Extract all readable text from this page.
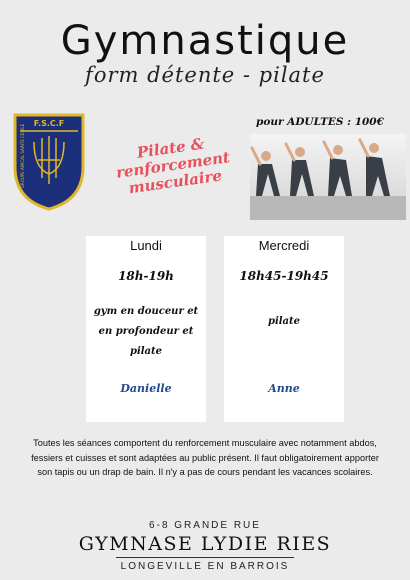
Gymnastique
form détente - pilate
F.S.C.F
GROUPE AMICAL SAINTE CECILE	Pilate & renforcement musculaire
pour ADULTES : 100€
Lundi
18h-19h
gym en douceur et en profondeur et pilate
Danielle
Mercredi
18h45-19h45
pilate
Anne

Toutes les séances comportent du renforcement musculaire avec notamment abdos, fessiers et cuisses et sont adaptées au public présent. Il faut obligatoirement apporter son tapis ou un drap de bain. Il n'y a pas de cours pendant les vacances scolaires.

6-8 GRANDE RUE
GYMNASE LYDIE RIES
LONGEVILLE EN BARROIS
